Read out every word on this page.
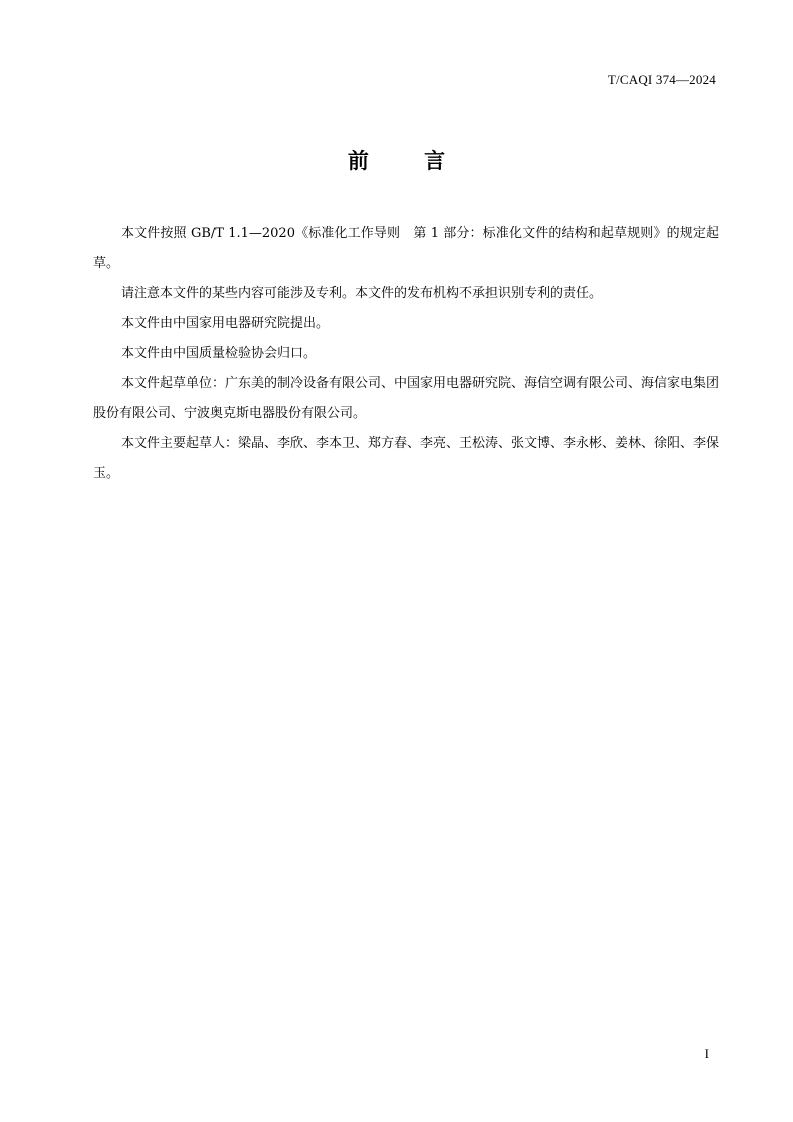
T/CAQI 374—2024
前 言

本文件按照 GB/T 1.1—2020《标准化工作导则　第 1 部分：标准化文件的结构和起草规则》的规定起草。

请注意本文件的某些内容可能涉及专利。本文件的发布机构不承担识别专利的责任。

本文件由中国家用电器研究院提出。

本文件由中国质量检验协会归口。

本文件起草单位：广东美的制冷设备有限公司、中国家用电器研究院、海信空调有限公司、海信家电集团股份有限公司、宁波奥克斯电器股份有限公司。

本文件主要起草人：梁晶、李欣、李本卫、郑方春、李亮、王松涛、张文博、李永彬、姜林、徐阳、李保玉。

I
